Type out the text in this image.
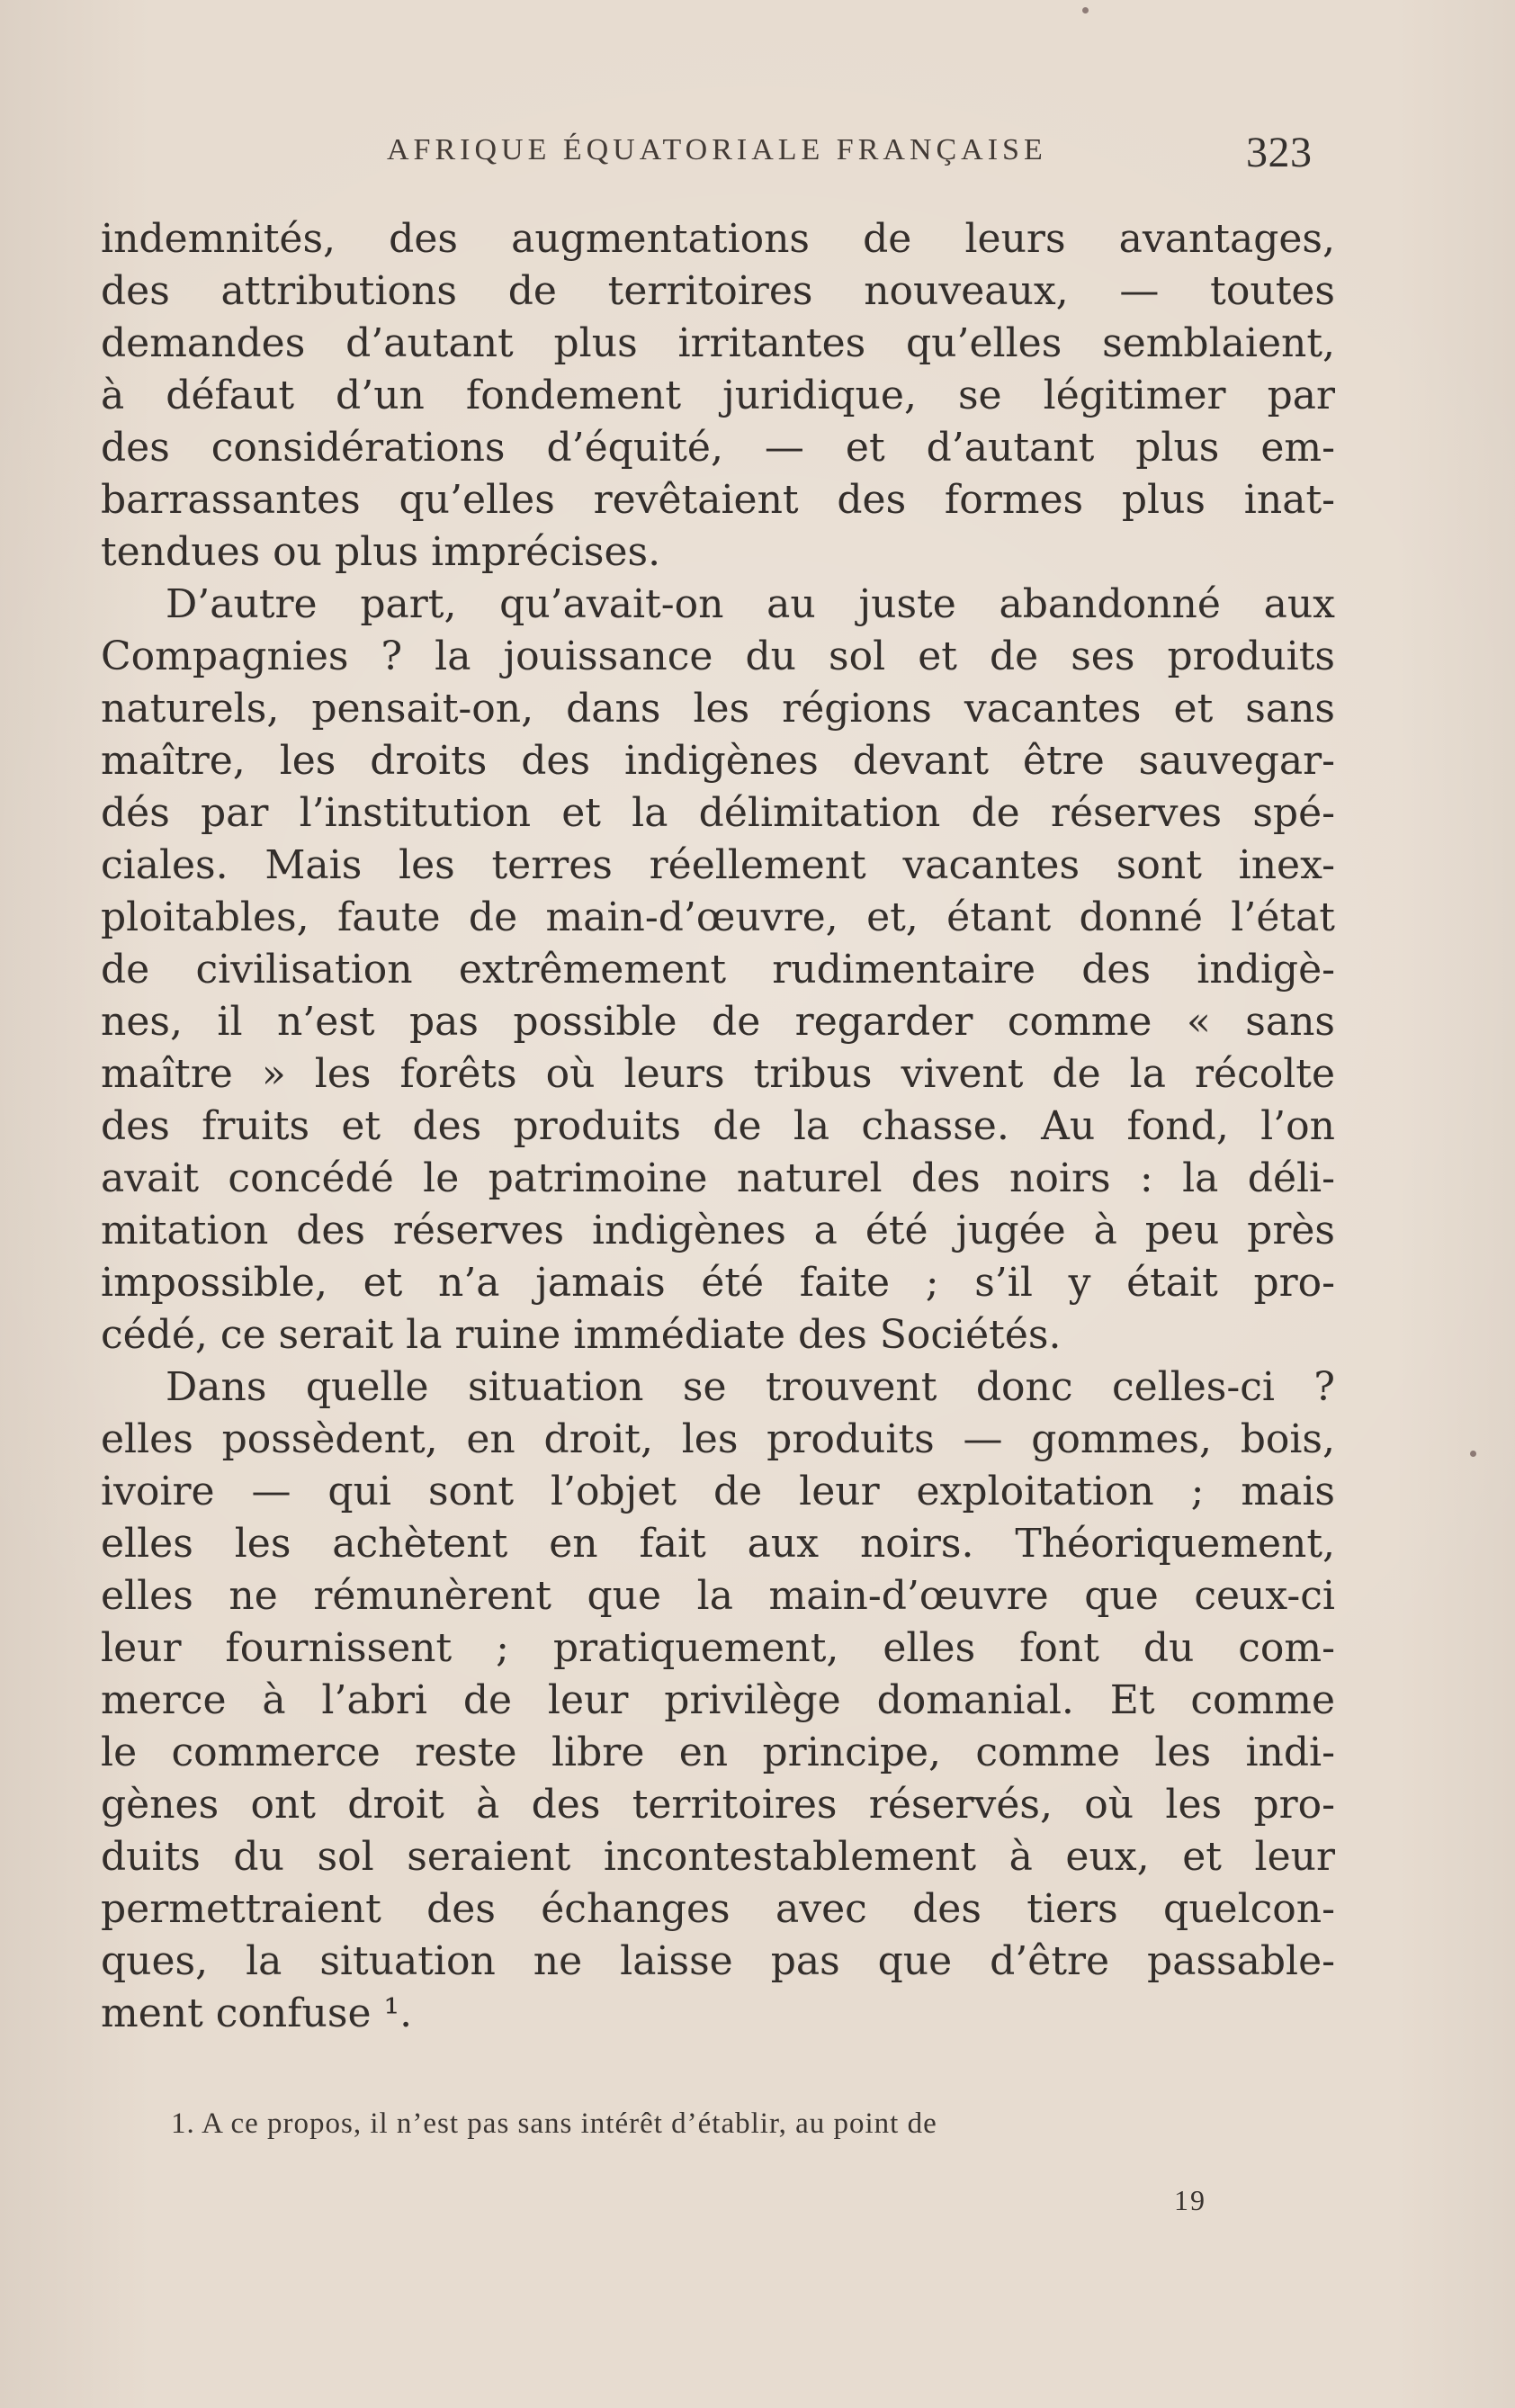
AFRIQUE ÉQUATORIALE FRANÇAISE	323
indemnités, des augmentations de leurs avantages,
des attributions de territoires nouveaux, — toutes
demandes d’autant plus irritantes qu’elles semblaient,
à défaut d’un fondement juridique, se légitimer par
des considérations d’équité, — et d’autant plus em-
barrassantes qu’elles revêtaient des formes plus inat-
tendues ou plus imprécises.
D’autre part, qu’avait-on au juste abandonné aux
Compagnies ? la jouissance du sol et de ses produits
naturels, pensait-on, dans les régions vacantes et sans
maître, les droits des indigènes devant être sauvegar-
dés par l’institution et la délimitation de réserves spé-
ciales. Mais les terres réellement vacantes sont inex-
ploitables, faute de main-d’œuvre, et, étant donné l’état
de civilisation extrêmement rudimentaire des indigè-
nes, il n’est pas possible de regarder comme « sans
maître » les forêts où leurs tribus vivent de la récolte
des fruits et des produits de la chasse. Au fond, l’on
avait concédé le patrimoine naturel des noirs : la déli-
mitation des réserves indigènes a été jugée à peu près
impossible, et n’a jamais été faite ; s’il y était pro-
cédé, ce serait la ruine immédiate des Sociétés.
Dans quelle situation se trouvent donc celles-ci ?
elles possèdent, en droit, les produits — gommes, bois,
ivoire — qui sont l’objet de leur exploitation ; mais
elles les achètent en fait aux noirs. Théoriquement,
elles ne rémunèrent que la main-d’œuvre que ceux-ci
leur fournissent ; pratiquement, elles font du com-
merce à l’abri de leur privilège domanial. Et comme
le commerce reste libre en principe, comme les indi-
gènes ont droit à des territoires réservés, où les pro-
duits du sol seraient incontestablement à eux, et leur
permettraient des échanges avec des tiers quelcon-
ques, la situation ne laisse pas que d’être passable-
ment confuse ¹.
1. A ce propos, il n’est pas sans intérêt d’établir, au point de
19
